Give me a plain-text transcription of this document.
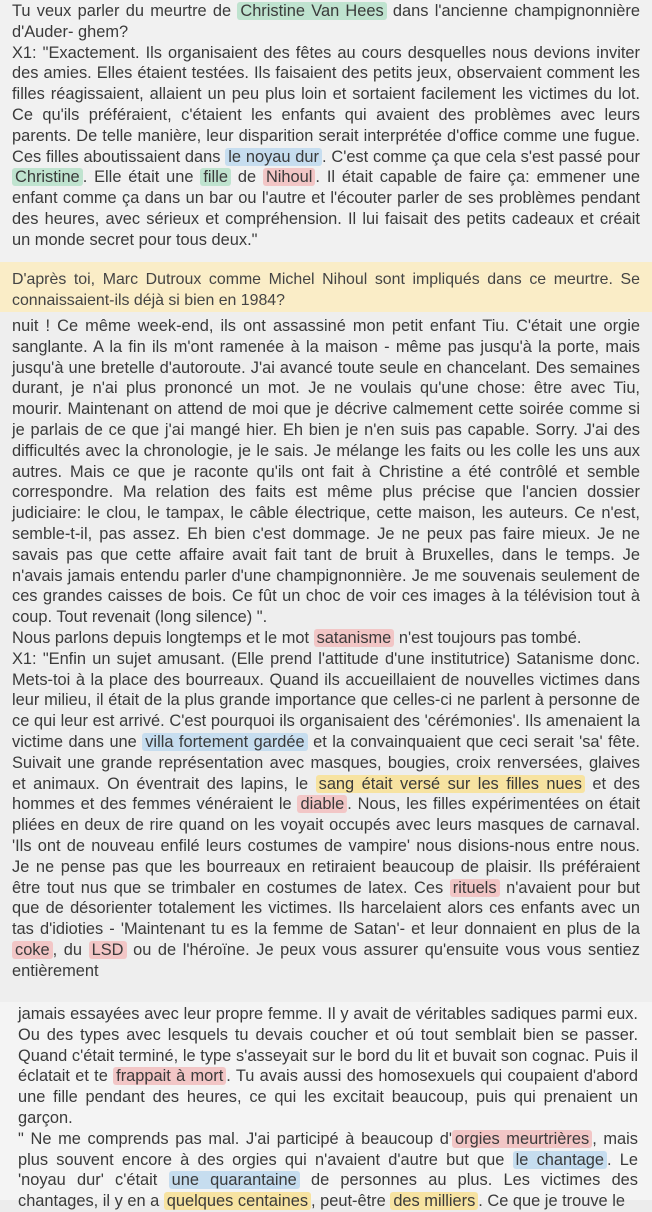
Tu veux parler du meurtre de Christine Van Hees dans l'ancienne champignonnière d'Auder- ghem?

X1: "Exactement. Ils organisaient des fêtes au cours desquelles nous devions inviter des amies. Elles étaient testées. Ils faisaient des petits jeux, observaient comment les filles réagissaient, allaient un peu plus loin et sortaient facilement les victimes du lot. Ce qu'ils préféraient, c'étaient les enfants qui avaient des problèmes avec leurs parents. De telle manière, leur disparition serait interprétée d'office comme une fugue. Ces filles aboutissaient dans le noyau dur . C'est comme ça que cela s'est passé pour Christine . Elle était une fille de Nihoul . Il était capable de faire ça: emmener une enfant comme ça dans un bar ou l'autre et l'écouter parler de ses problèmes pendant des heures, avec sérieux et compréhension. Il lui faisait des petits cadeaux et créait un monde secret pour tous deux."

D'après toi, Marc Dutroux comme Michel Nihoul sont impliqués dans ce meurtre. Se connaissaient-ils déjà si bien en 1984?

nuit ! Ce même week-end, ils ont assassiné mon petit enfant Tiu. C'était une orgie sanglante. A la fin ils m'ont ramenée à la maison - même pas jusqu'à la porte, mais jusqu'à une bretelle d'autoroute. J'ai avancé toute seule en chancelant. Des semaines durant, je n'ai plus prononcé un mot. Je ne voulais qu'une chose: être avec Tiu, mourir. Maintenant on attend de moi que je décrive calmement cette soirée comme si je parlais de ce que j'ai mangé hier. Eh bien je n'en suis pas capable. Sorry. J'ai des difficultés avec la chronologie, je le sais. Je mélange les faits ou les colle les uns aux autres. Mais ce que je raconte qu'ils ont fait à Christine a été contrôlé et semble correspondre. Ma relation des faits est même plus précise que l'ancien dossier judiciaire: le clou, le tampax, le câble électrique, cette maison, les auteurs. Ce n'est, semble-t-il, pas assez. Eh bien c'est dommage. Je ne peux pas faire mieux. Je ne savais pas que cette affaire avait fait tant de bruit à Bruxelles, dans le temps. Je n'avais jamais entendu parler d'une champignonnière. Je me souvenais seulement de ces grandes caisses de bois. Ce fût un choc de voir ces images à la télévision tout à coup. Tout revenait (long silence) ".

Nous parlons depuis longtemps et le mot satanisme n'est toujours pas tombé.

X1: "Enfin un sujet amusant. (Elle prend l'attitude d'une institutrice) Satanisme donc. Mets-toi à la place des bourreaux. Quand ils accueillaient de nouvelles victimes dans leur milieu, il était de la plus grande importance que celles-ci ne parlent à personne de ce qui leur est arrivé. C'est pourquoi ils organisaient des 'cérémonies'. Ils amenaient la victime dans une villa fortement gardée et la convainquaient que ceci serait 'sa' fête. Suivait une grande représentation avec masques, bougies, croix renversées, glaives et animaux. On éventrait des lapins, le sang était versé sur les filles nues et des hommes et des femmes vénéraient le diable . Nous, les filles expérimentées on était pliées en deux de rire quand on les voyait occupés avec leurs masques de carnaval. 'Ils ont de nouveau enfilé leurs costumes de vampire' nous disions-nous entre nous. Je ne pense pas que les bourreaux en retiraient beaucoup de plaisir. Ils préféraient être tout nus que se trimbaler en costumes de latex. Ces rituels n'avaient pour but que de désorienter totalement les victimes. Ils harcelaient alors ces enfants avec un tas d'idioties - 'Maintenant tu es la femme de Satan'- et leur donnaient en plus de la coke , du LSD ou de l'héroïne. Je peux vous assurer qu'ensuite vous vous sentiez entièrement

jamais essayées avec leur propre femme. Il y avait de véritables sadiques parmi eux. Ou des types avec lesquels tu devais coucher et oú tout semblait bien se passer. Quand c'était terminé, le type s'asseyait sur le bord du lit et buvait son cognac. Puis il éclatait et te frappait à mort . Tu avais aussi des homosexuels qui coupaient d'abord une fille pendant des heures, ce qui les excitait beaucoup, puis qui prenaient un garçon.

" Ne me comprends pas mal. J'ai participé à beaucoup d' orgies meurtrières , mais plus souvent encore à des orgies qui n'avaient d'autre but que le chantage . Le 'noyau dur' c'était une quarantaine de personnes au plus. Les victimes des chantages, il y en a quelques centaines , peut-être des milliers . Ce que je trouve le
